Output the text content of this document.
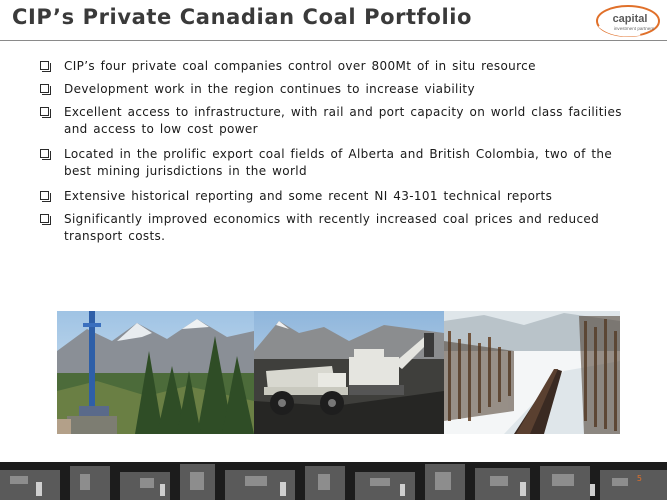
CIP’s Private Canadian Coal Portfolio	capital
investment partners
CIP’s four private coal companies control over 800Mt of in situ resource
Development work in the region continues to increase viability
Excellent access to infrastructure, with rail and port capacity on world class facilities and access to low cost power
Located in the prolific export coal fields of Alberta and British Colombia, two of the best mining jurisdictions in the world
Extensive historical reporting and some recent NI 43-101 technical reports
Significantly improved economics with recently increased coal prices and reduced transport costs.
5
